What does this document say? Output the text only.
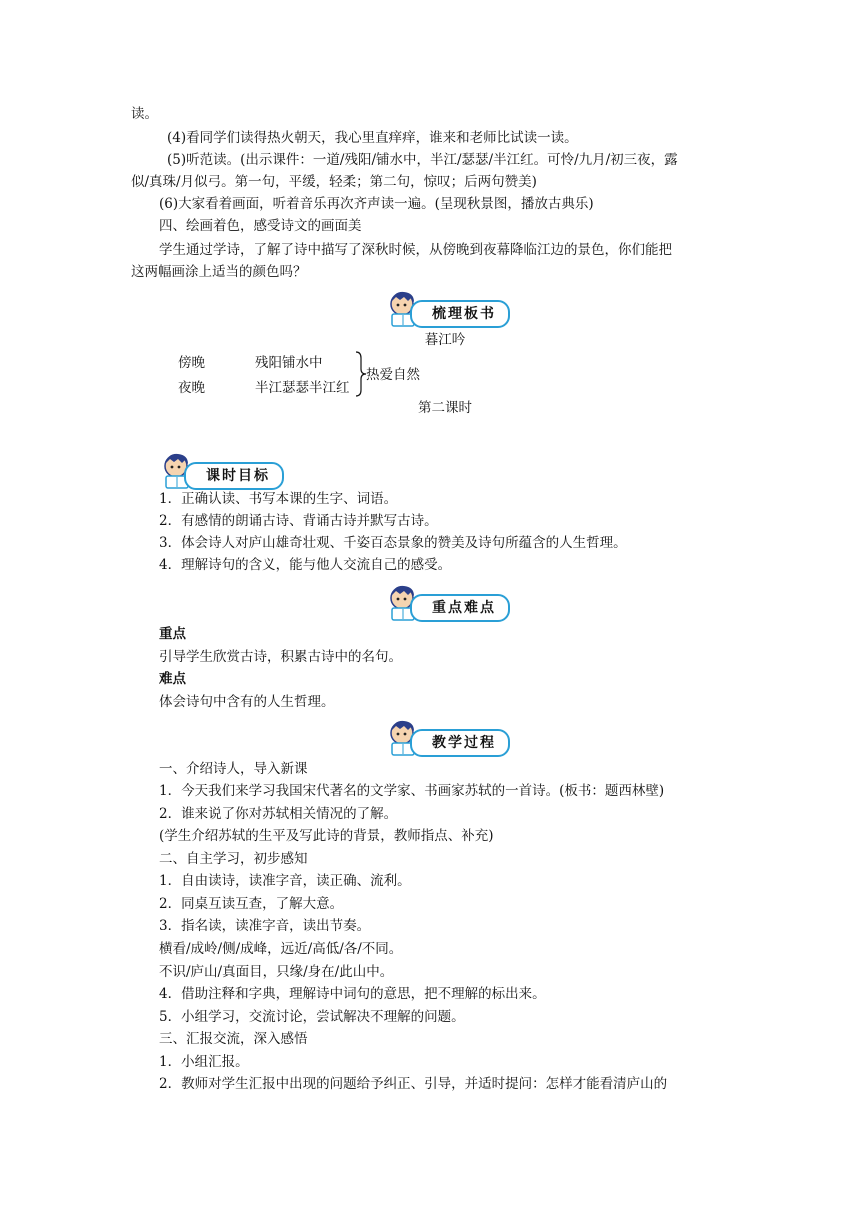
读。
(4)看同学们读得热火朝天，我心里直痒痒，谁来和老师比试读一读。
(5)听范读。(出示课件：一道/残阳/铺水中，半江/瑟瑟/半江红。可怜/九月/初三夜，露
似/真珠/月似弓。第一句，平缓，轻柔；第二句，惊叹；后两句赞美)
(6)大家看着画面，听着音乐再次齐声读一遍。(呈现秋景图，播放古典乐)
四、绘画着色，感受诗文的画面美
学生通过学诗，了解了诗中描写了深秋时候，从傍晚到夜幕降临江边的景色，你们能把
这两幅画涂上适当的颜色吗？
梳理板书
暮江吟
傍晚	残阳铺水中
夜晚	半江瑟瑟半江红
热爱自然
第二课时
课时目标
1．正确认读、书写本课的生字、词语。
2．有感情的朗诵古诗、背诵古诗并默写古诗。
3．体会诗人对庐山雄奇壮观、千姿百态景象的赞美及诗句所蕴含的人生哲理。
4．理解诗句的含义，能与他人交流自己的感受。
重点难点
重点
引导学生欣赏古诗，积累古诗中的名句。
难点
体会诗句中含有的人生哲理。
教学过程
一、介绍诗人，导入新课
1．今天我们来学习我国宋代著名的文学家、书画家苏轼的一首诗。(板书：题西林壁)
2．谁来说了你对苏轼相关情况的了解。
(学生介绍苏轼的生平及写此诗的背景，教师指点、补充)
二、自主学习，初步感知
1．自由读诗，读准字音，读正确、流利。
2．同桌互读互查，了解大意。
3．指名读，读准字音，读出节奏。
横看/成岭/侧/成峰，远近/高低/各/不同。
不识/庐山/真面目，只缘/身在/此山中。
4．借助注释和字典，理解诗中词句的意思，把不理解的标出来。
5．小组学习，交流讨论，尝试解决不理解的问题。
三、汇报交流，深入感悟
1．小组汇报。
2．教师对学生汇报中出现的问题给予纠正、引导，并适时提问：怎样才能看清庐山的
